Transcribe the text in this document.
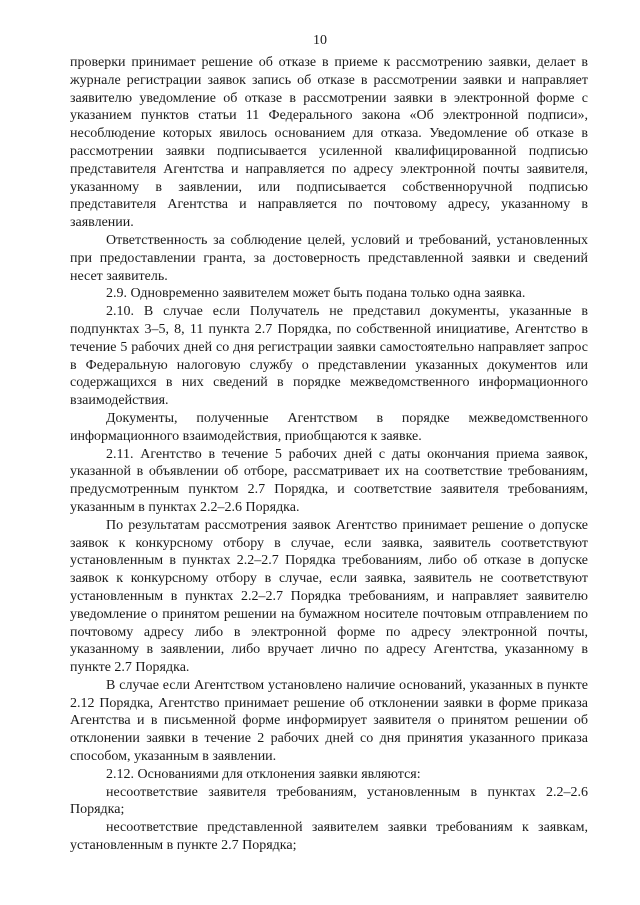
10

проверки принимает решение об отказе в приеме к рассмотрению заявки, делает в журнале регистрации заявок запись об отказе в рассмотрении заявки и направляет заявителю уведомление об отказе в рассмотрении заявки в электронной форме с указанием пунктов статьи 11 Федерального закона «Об электронной подписи», несоблюдение которых явилось основанием для отказа. Уведомление об отказе в рассмотрении заявки подписывается усиленной квалифицированной подписью представителя Агентства и направляется по адресу электронной почты заявителя, указанному в заявлении, или подписывается собственноручной подписью представителя Агентства и направляется по почтовому адресу, указанному в заявлении.

Ответственность за соблюдение целей, условий и требований, установленных при предоставлении гранта, за достоверность представленной заявки и сведений несет заявитель.

2.9. Одновременно заявителем может быть подана только одна заявка.

2.10. В случае если Получатель не представил документы, указанные в подпунктах 3–5, 8, 11 пункта 2.7 Порядка, по собственной инициативе, Агентство в течение 5 рабочих дней со дня регистрации заявки самостоятельно направляет запрос в Федеральную налоговую службу о представлении указанных документов или содержащихся в них сведений в порядке межведомственного информационного взаимодействия.

Документы, полученные Агентством в порядке межведомственного информационного взаимодействия, приобщаются к заявке.

2.11. Агентство в течение 5 рабочих дней с даты окончания приема заявок, указанной в объявлении об отборе, рассматривает их на соответствие требованиям, предусмотренным пунктом 2.7 Порядка, и соответствие заявителя требованиям, указанным в пунктах 2.2–2.6 Порядка.

По результатам рассмотрения заявок Агентство принимает решение о допуске заявок к конкурсному отбору в случае, если заявка, заявитель соответствуют установленным в пунктах 2.2–2.7 Порядка требованиям, либо об отказе в допуске заявок к конкурсному отбору в случае, если заявка, заявитель не соответствуют установленным в пунктах 2.2–2.7 Порядка требованиям, и направляет заявителю уведомление о принятом решении на бумажном носителе почтовым отправлением по почтовому адресу либо в электронной форме по адресу электронной почты, указанному в заявлении, либо вручает лично по адресу Агентства, указанному в пункте 2.7 Порядка.

В случае если Агентством установлено наличие оснований, указанных в пункте 2.12 Порядка, Агентство принимает решение об отклонении заявки в форме приказа Агентства и в письменной форме информирует заявителя о принятом решении об отклонении заявки в течение 2 рабочих дней со дня принятия указанного приказа способом, указанным в заявлении.

2.12. Основаниями для отклонения заявки являются:

несоответствие заявителя требованиям, установленным в пунктах 2.2–2.6 Порядка;

несоответствие представленной заявителем заявки требованиям к заявкам, установленным в пункте 2.7 Порядка;
